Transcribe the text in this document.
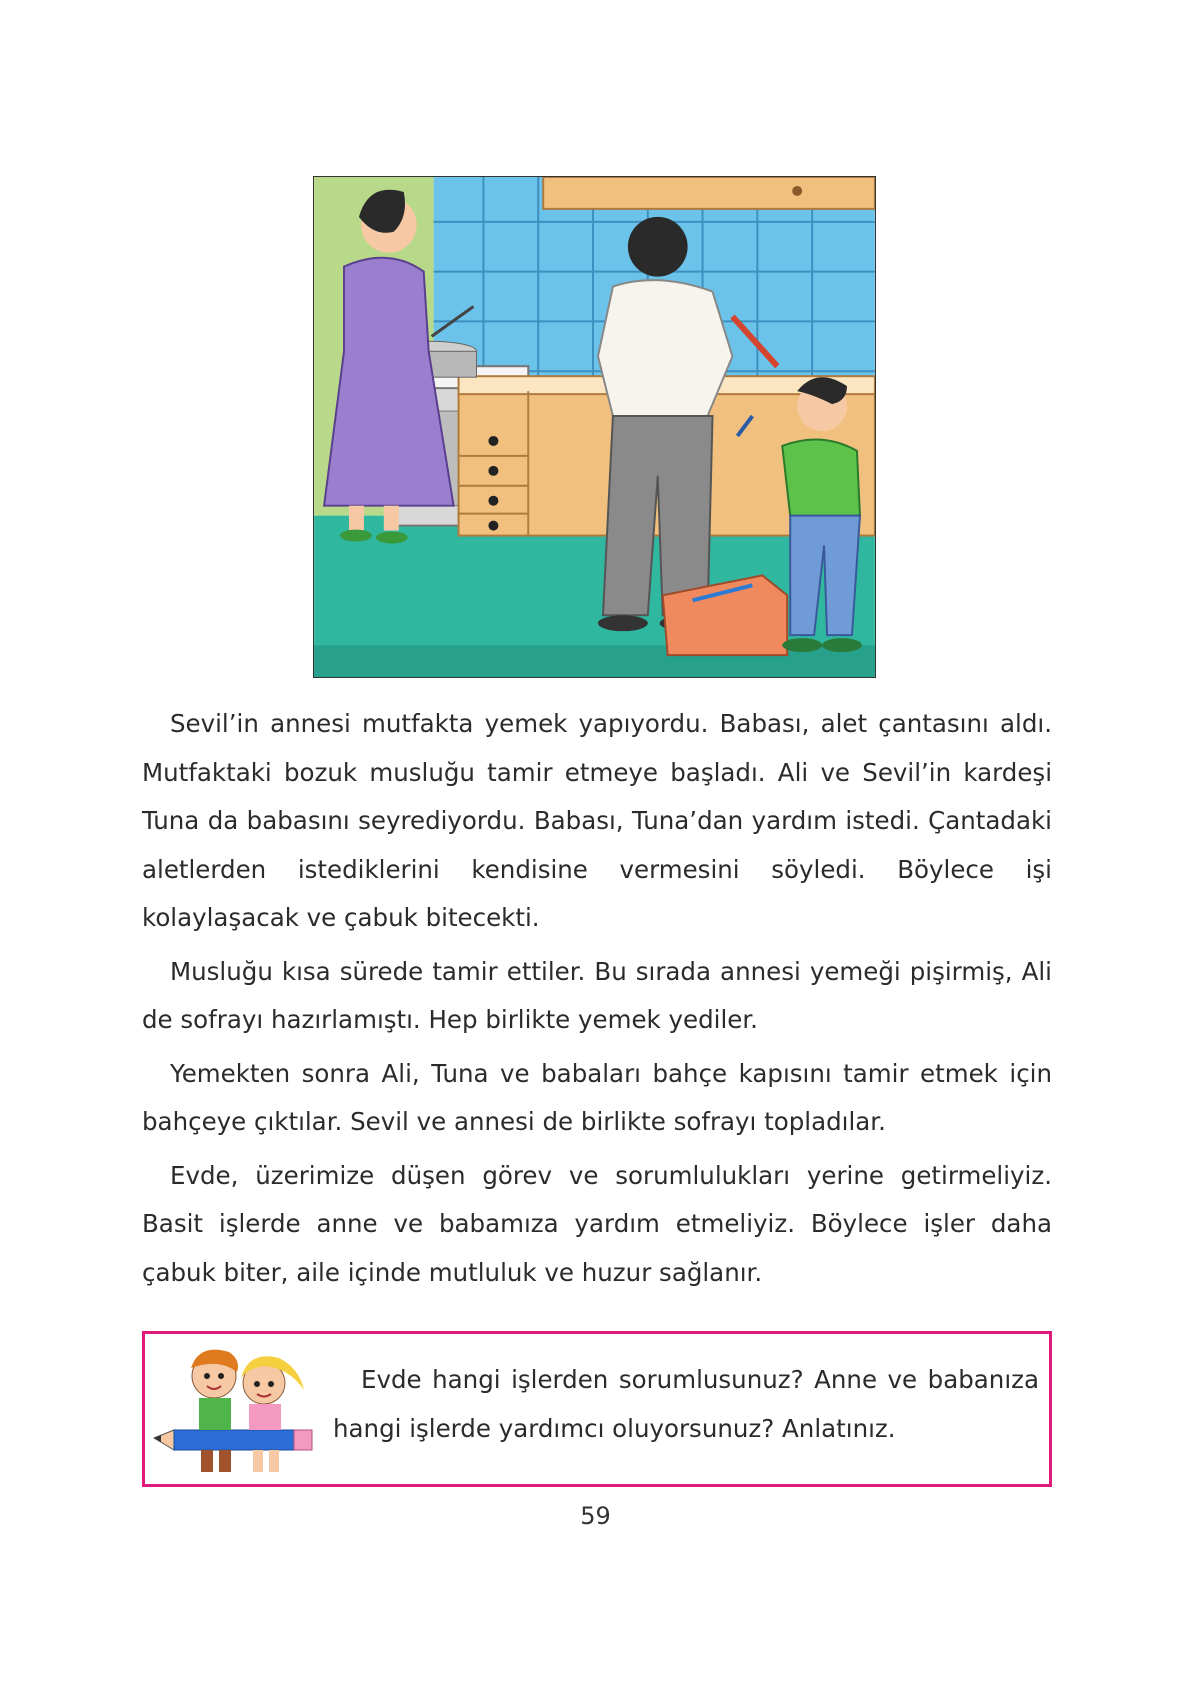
Sevil’in annesi mutfakta yemek yapıyordu. Babası, alet çantasını aldı. Mutfaktaki bozuk musluğu tamir etmeye başladı. Ali ve Sevil’in kardeşi Tuna da babasını seyrediyordu. Babası, Tuna’dan yardım istedi. Çantadaki aletlerden istediklerini kendisine vermesini söyledi. Böylece işi kolaylaşacak ve çabuk bitecekti.

Musluğu kısa sürede tamir ettiler. Bu sırada annesi yemeği pişirmiş, Ali de sofrayı hazırlamıştı. Hep birlikte yemek yediler.

Yemekten sonra Ali, Tuna ve babaları bahçe kapısını tamir etmek için bahçeye çıktılar. Sevil ve annesi de birlikte sofrayı topladılar.

Evde, üzerimize düşen görev ve sorumlulukları yerine getirmeliyiz. Basit işlerde anne ve babamıza yardım etmeliyiz. Böylece işler daha çabuk biter, aile içinde mutluluk ve huzur sağlanır.

Evde hangi işlerden sorumlusunuz? Anne ve babanıza hangi işlerde yardımcı oluyorsunuz? Anlatınız.
59
